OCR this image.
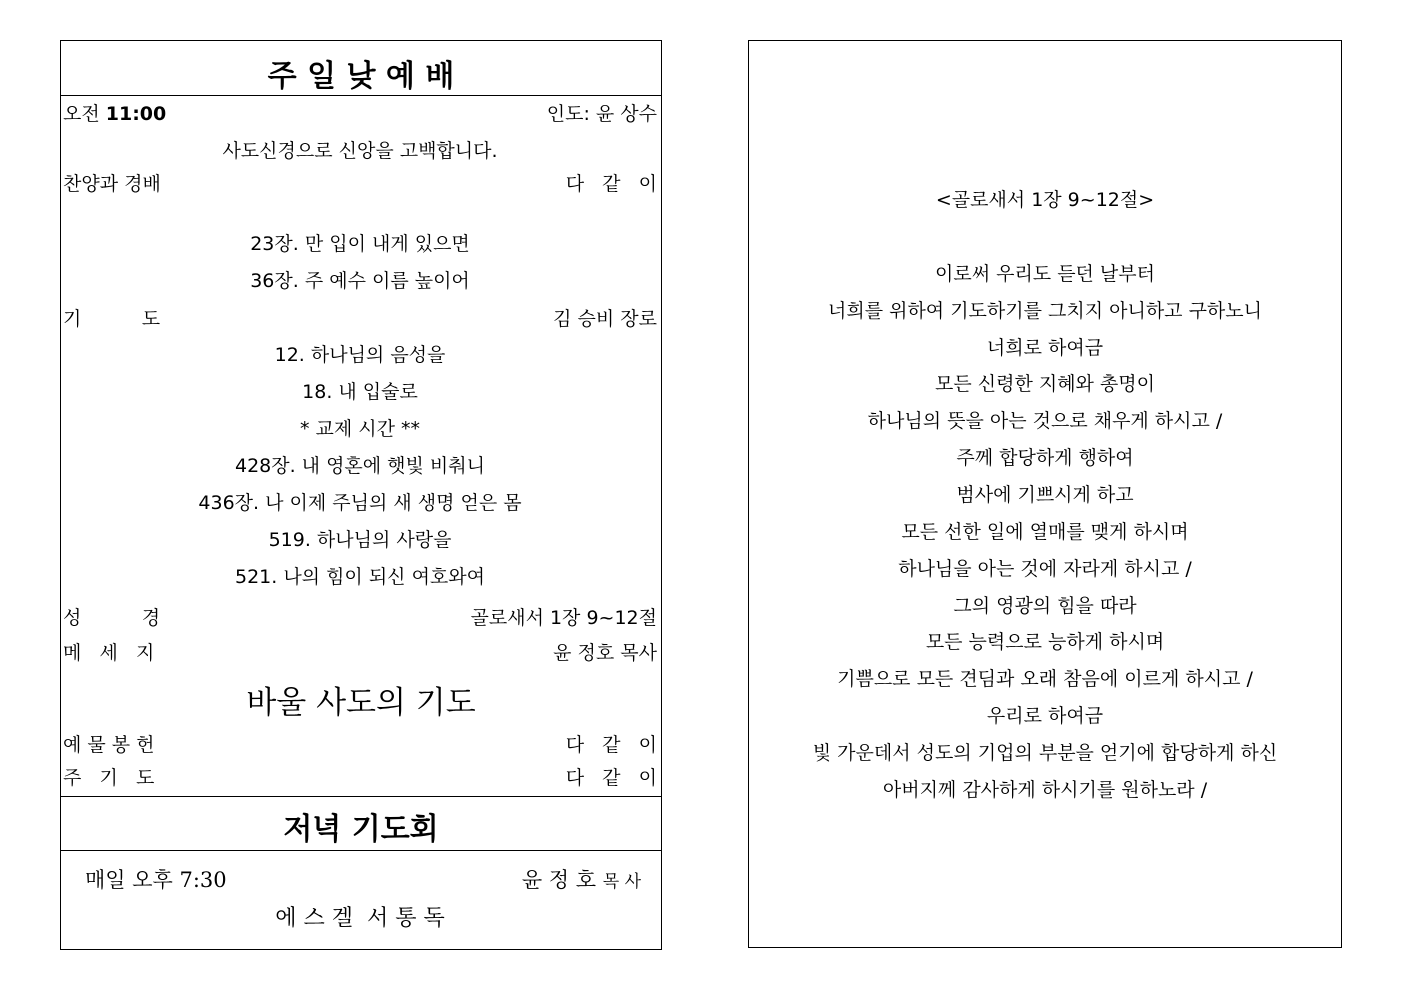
주 일 낮 예 배
오전 11:00	인도: 윤 상수
사도신경으로 신앙을 고백합니다.
찬양과 경배	다   같   이
23장. 만 입이 내게 있으면
36장. 주 예수 이름 높이어
기          도	김 승비 장로
12. 하나님의 음성을
18. 내 입술로
* 교제 시간 **
428장. 내 영혼에 햇빛 비춰니
436장. 나 이제 주님의 새 생명 얻은 몸
519. 하나님의 사랑을
521. 나의 힘이 되신 여호와여
성          경	골로새서 1장 9~12절
메   세   지	윤 정호 목사
바울 사도의 기도
예 물 봉 헌	다   같   이
주   기   도	다   같   이
저녁 기도회
매일 오후 7:30	윤 정 호 목 사
에 스 겔  서 통 독
<골로새서 1장 9~12절>
이로써 우리도 듣던 날부터
너희를 위하여 기도하기를 그치지 아니하고 구하노니
너희로 하여금
모든 신령한 지혜와 총명이
하나님의 뜻을 아는 것으로 채우게 하시고 /
주께 합당하게 행하여
범사에 기쁘시게 하고
모든 선한 일에 열매를 맺게 하시며
하나님을 아는 것에 자라게 하시고 /
그의 영광의 힘을 따라
모든 능력으로 능하게 하시며
기쁨으로 모든 견딤과 오래 참음에 이르게 하시고 /
우리로 하여금
빛 가운데서 성도의 기업의 부분을 얻기에 합당하게 하신
아버지께 감사하게 하시기를 원하노라 /
